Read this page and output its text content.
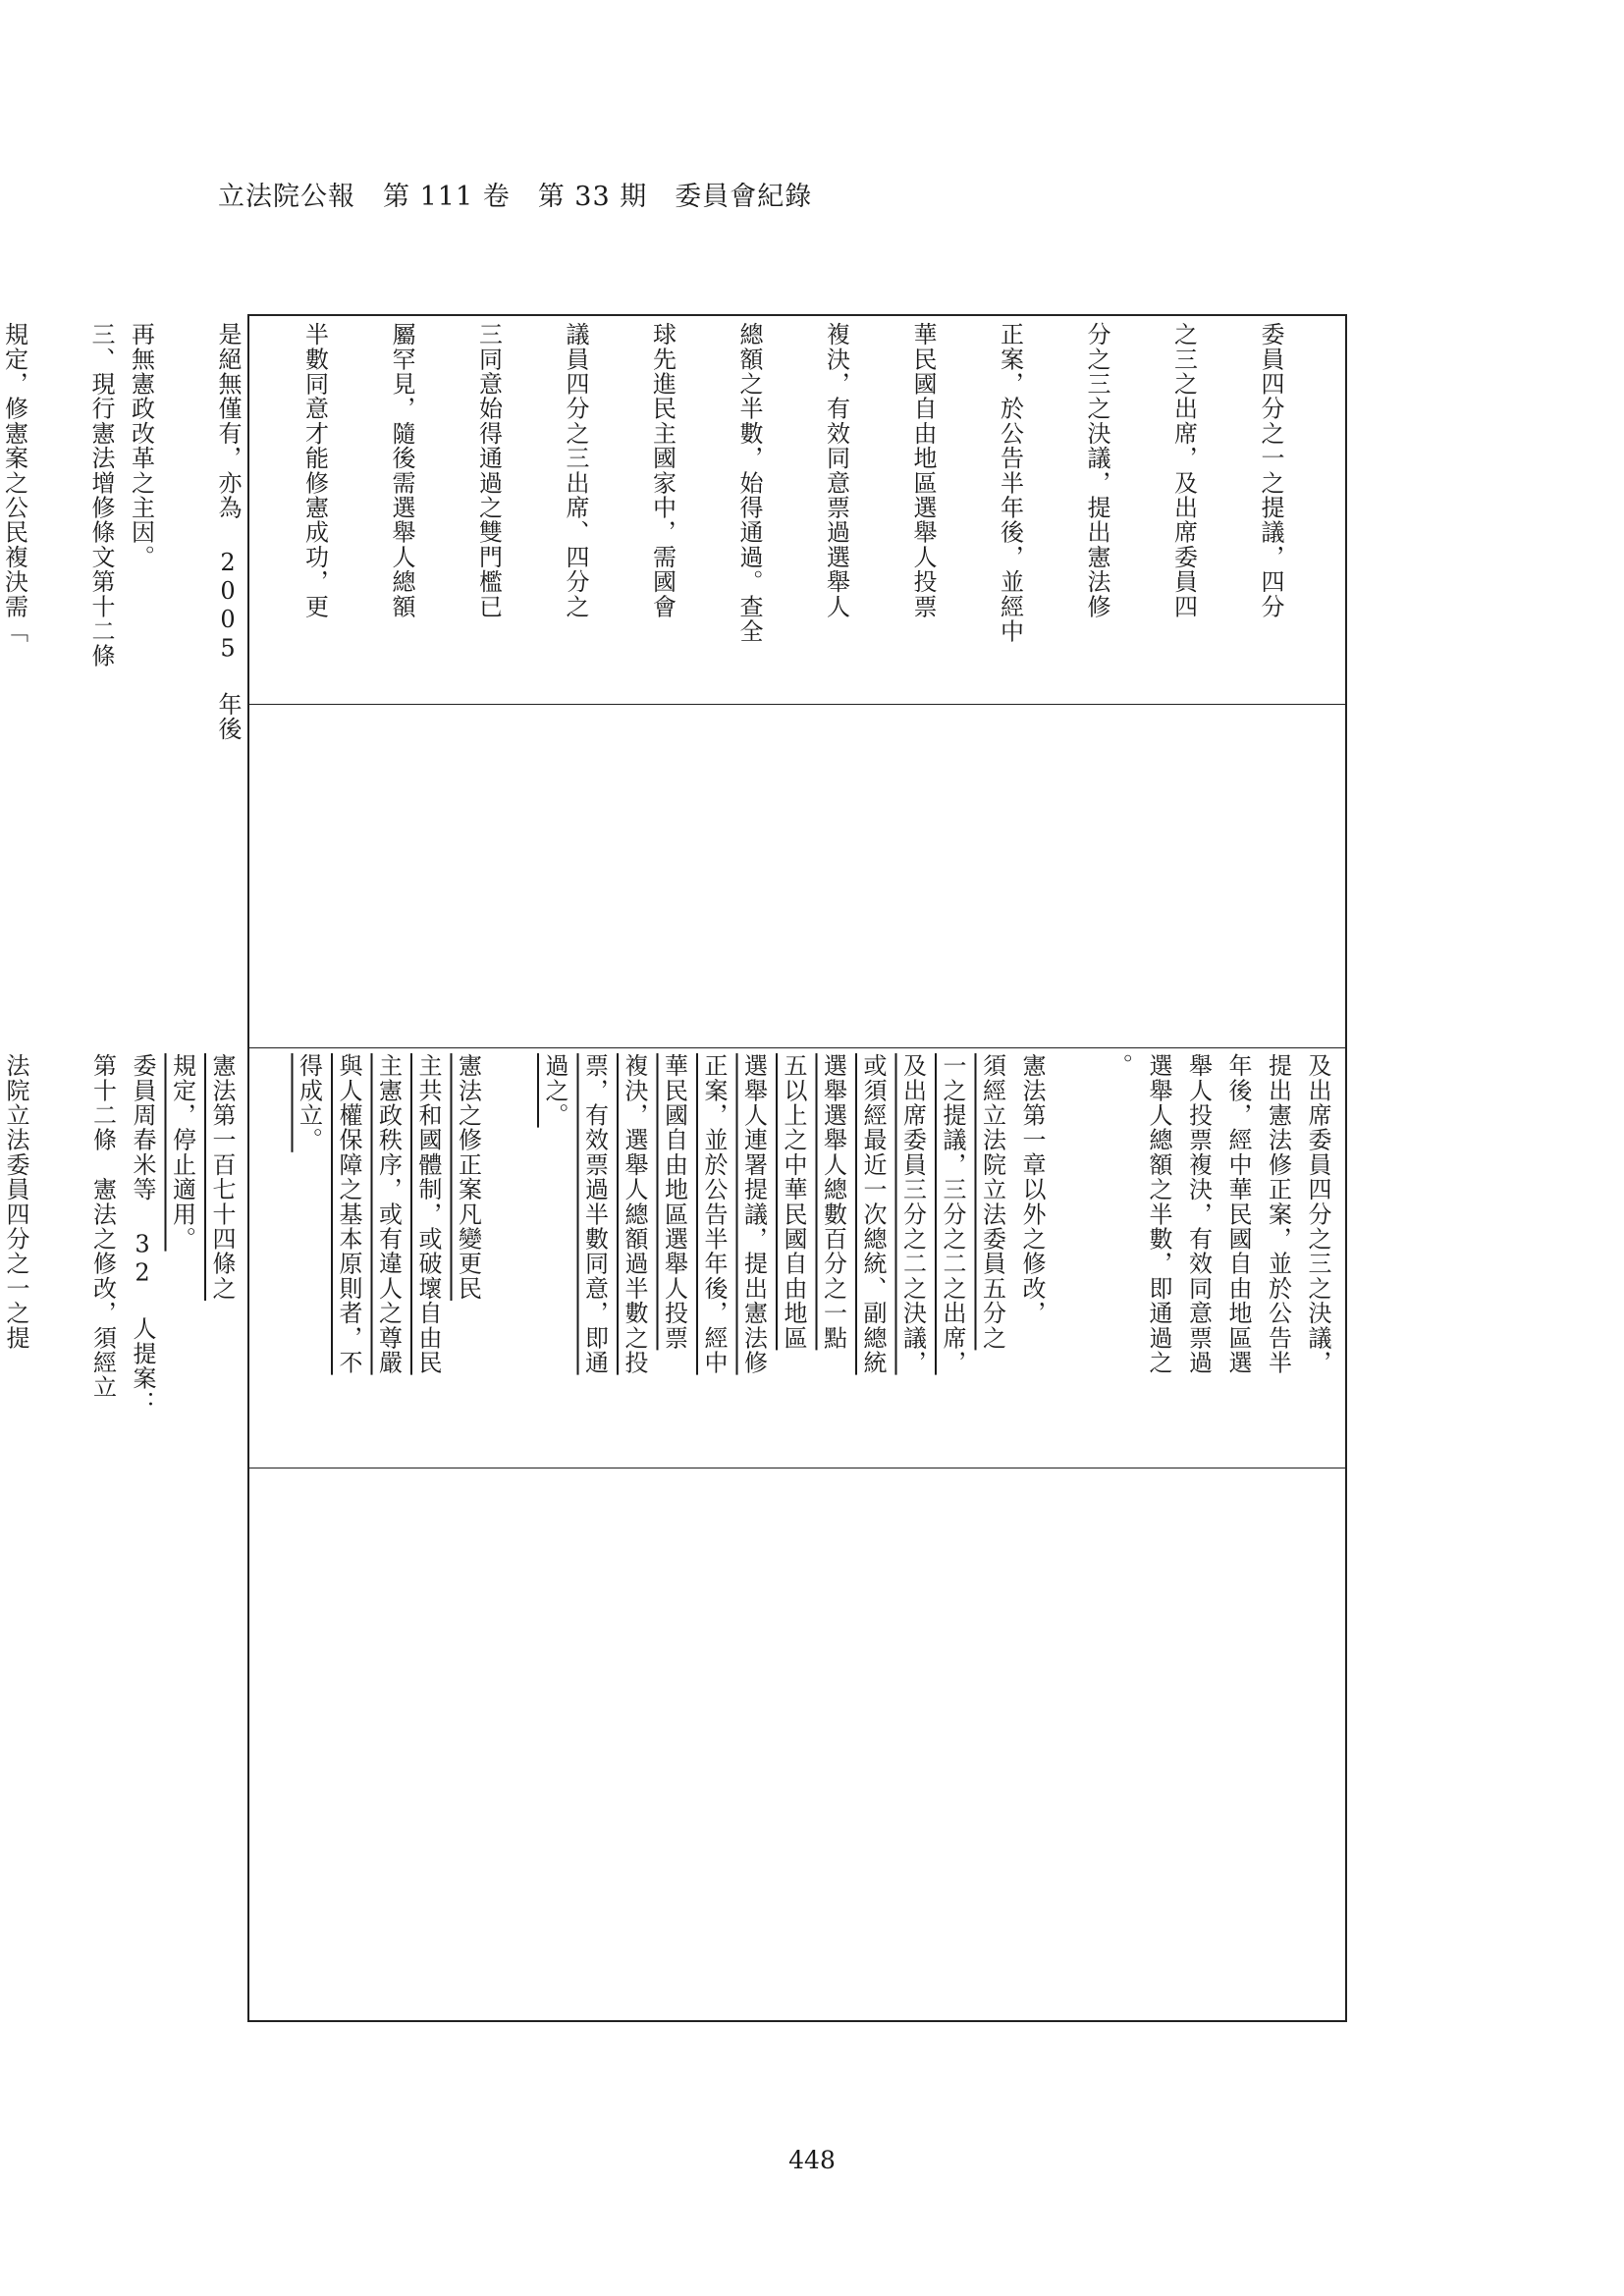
立法院公報　第 111 卷　第 33 期　委員會紀錄
委員四分之一之提議，四分
之三之出席，及出席委員四
分之三之決議，提出憲法修
正案，於公告半年後，並經中
華民國自由地區選舉人投票
複決，有效同意票過選舉人
總額之半數，始得通過。查全
球先進民主國家中，需國會
議員四分之三出席、四分之
三同意始得通過之雙門檻已
屬罕見，隨後需選舉人總額
半數同意才能修憲成功，更
是絕無僅有，亦為 2005 年後
再無憲政改革之主因。
三、現行憲法增修條文第十二條
規定，修憲案之公民複決需「
及出席委員四分之三之決議，
提出憲法修正案，並於公告半
年後，經中華民國自由地區選
舉人投票複決，有效同意票過
選舉人總額之半數，即通過之
。
憲法第一章以外之修改，
須經立法院立法委員五分之
一之提議，三分之二之出席，
及出席委員三分之二之決議，
或須經最近一次總統、副總統
選舉選舉人總數百分之一點
五以上之中華民國自由地區
選舉人連署提議，提出憲法修
正案，並於公告半年後，經中
華民國自由地區選舉人投票
複決，選舉人總額過半數之投
票，有效票過半數同意，即通
過之。
憲法之修正案凡變更民
主共和國體制，或破壞自由民
主憲政秩序，或有違人之尊嚴
與人權保障之基本原則者，不
得成立。
憲法第一百七十四條之
規定，停止適用。
委員周春米等 32 人提案：
第十二條　憲法之修改，須經立
法院立法委員四分之一之提
448
